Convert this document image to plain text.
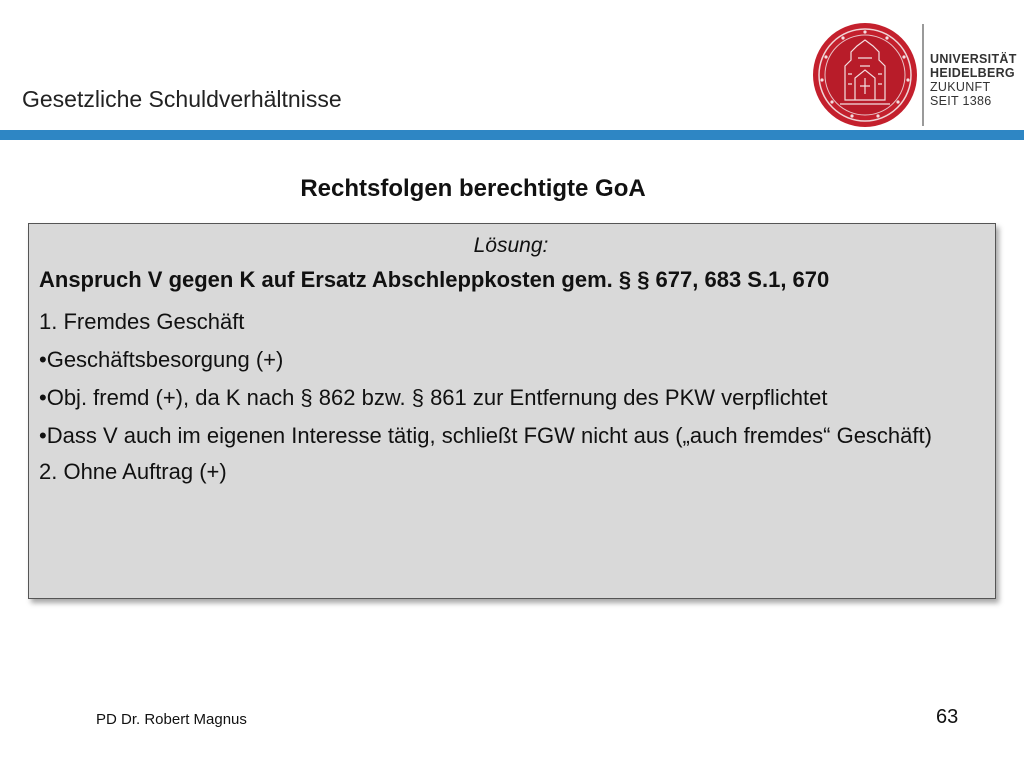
Gesetzliche Schuldverhältnisse
UNIVERSITÄT
HEIDELBERG
ZUKUNFT
SEIT 1386
Rechtsfolgen berechtigte GoA
Lösung:
Anspruch V gegen K auf Ersatz Abschleppkosten gem. § § 677, 683 S.1, 670
1. Fremdes Geschäft
•Geschäftsbesorgung (+)
•Obj. fremd (+), da K nach § 862 bzw. § 861 zur Entfernung des PKW verpflichtet
•Dass V auch im eigenen Interesse tätig, schließt FGW nicht aus („auch fremdes“ Geschäft)
2. Ohne Auftrag (+)
PD Dr. Robert Magnus	63
